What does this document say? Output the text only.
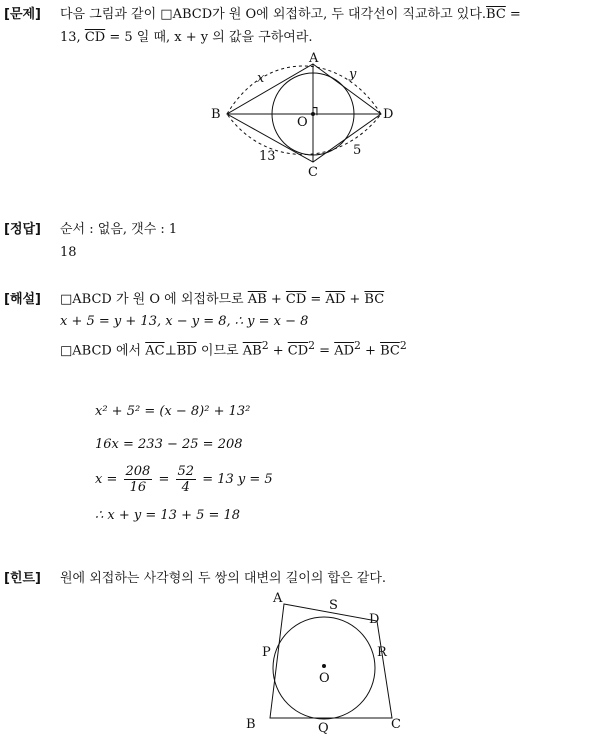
[문제]
[정답]
[해설]
[힌트]
다음 그림과 같이 □ABCD가 원 O에 외접하고, 두 대각선이 직교하고 있다$.\overline{BC}$ =
13, $\overline{CD} = 5$ 일 때, x + y 의 값을 구하여라.
A
B
C
D
O
┐
x	y
13	5
순서 : 없음, 갯수 : 1
18
□ABCD 가 원 O 에 외접하므로 $\overline{AB} + \overline{CD} = \overline{AD} + \overline{BC}$
x + 5 = y + 13, x − y = 8, ∴ y = x − 8
□ABCD 에서 $\overline{AC}\perp\overline{BD}$ 이므로 $\overline{AB}^2 + \overline{CD}^2 = \overline{AD}^2 + \overline{BC}^2$
x² + 5² = (x − 8)² + 13²
16x = 233 − 25 = 208
$x = \frac{208}{16} = \frac{52}{4} = 13$ y = 5
∴ x + y = 13 + 5 = 18
원에 외접하는 사각형의 두 쌍의 대변의 길이의 합은 같다.
A
B	C
D
O
P
Q
R
S
